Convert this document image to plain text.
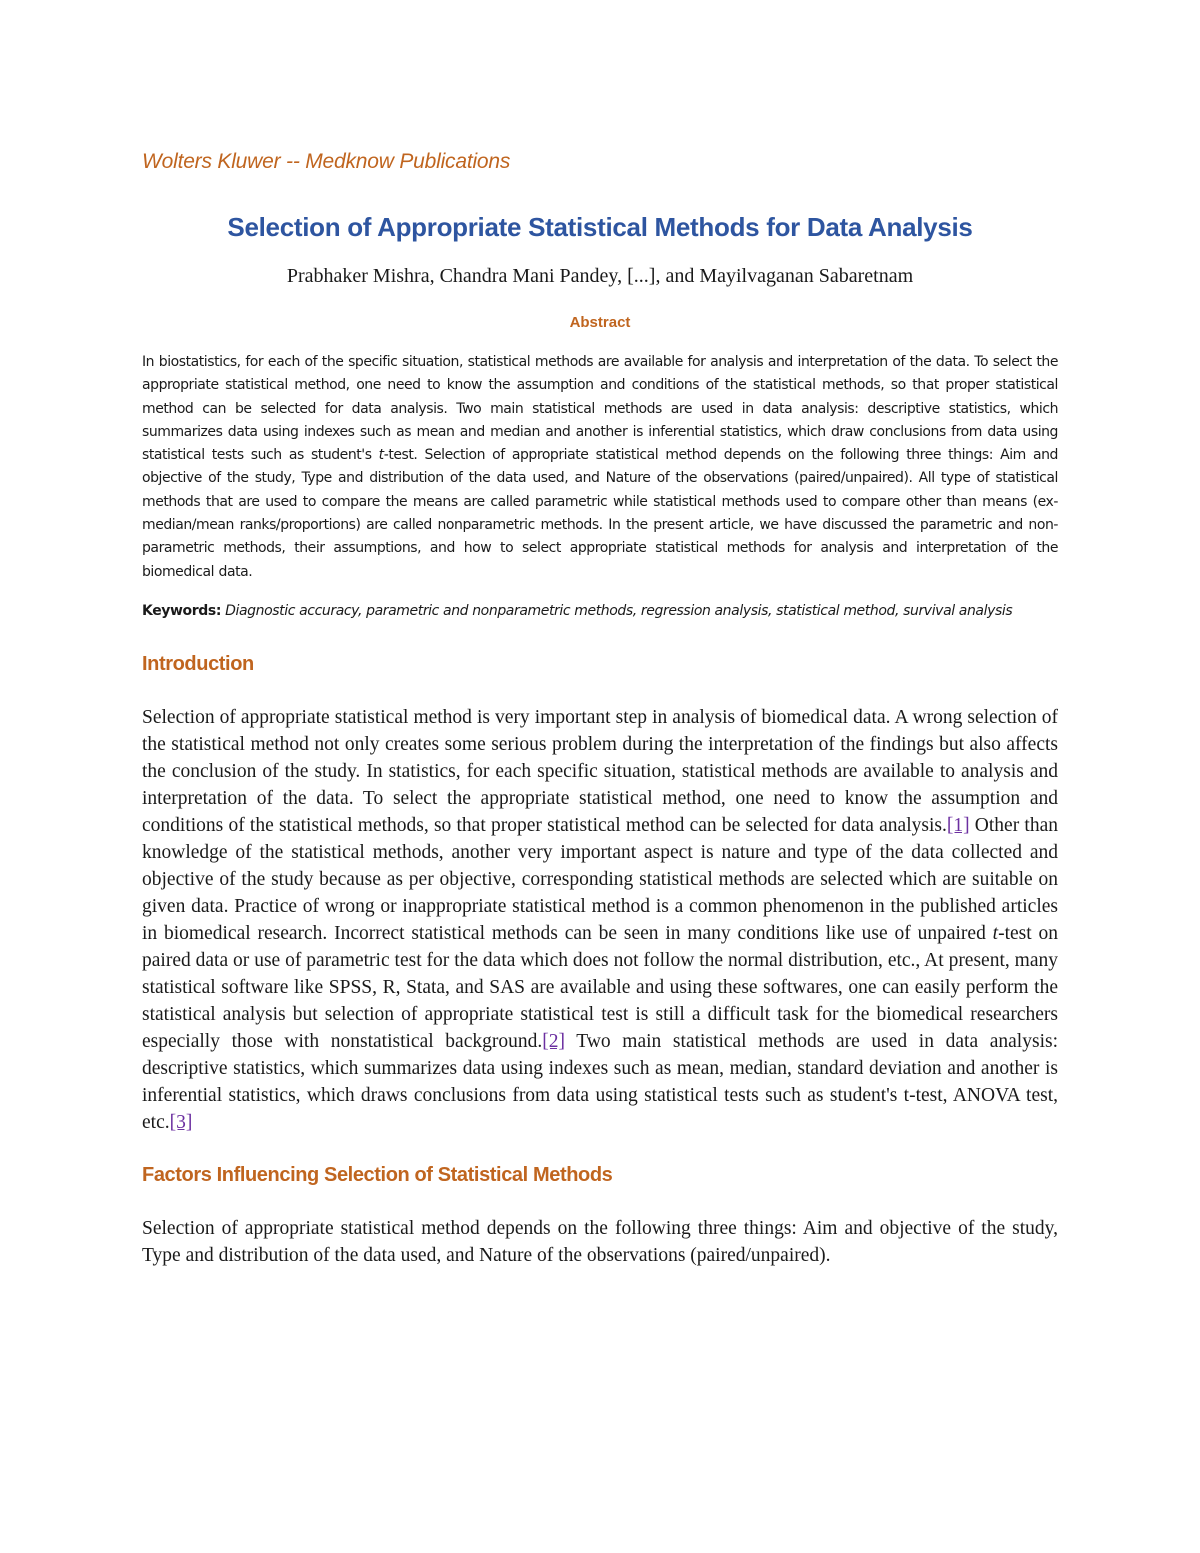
Wolters Kluwer -- Medknow Publications

Selection of Appropriate Statistical Methods for Data Analysis

Prabhaker Mishra, Chandra Mani Pandey, [...], and Mayilvaganan Sabaretnam

Abstract

In biostatistics, for each of the specific situation, statistical methods are available for analysis and interpretation of the data. To select the appropriate statistical method, one need to know the assumption and conditions of the statistical methods, so that proper statistical method can be selected for data analysis. Two main statistical methods are used in data analysis: descriptive statistics, which summarizes data using indexes such as mean and median and another is inferential statistics, which draw conclusions from data using statistical tests such as student's t-test. Selection of appropriate statistical method depends on the following three things: Aim and objective of the study, Type and distribution of the data used, and Nature of the observations (paired/unpaired). All type of statistical methods that are used to compare the means are called parametric while statistical methods used to compare other than means (ex-median/mean ranks/proportions) are called nonparametric methods. In the present article, we have discussed the parametric and non-parametric methods, their assumptions, and how to select appropriate statistical methods for analysis and interpretation of the biomedical data.

Keywords: Diagnostic accuracy, parametric and nonparametric methods, regression analysis, statistical method, survival analysis

Introduction

Selection of appropriate statistical method is very important step in analysis of biomedical data. A wrong selection of the statistical method not only creates some serious problem during the interpretation of the findings but also affects the conclusion of the study. In statistics, for each specific situation, statistical methods are available to analysis and interpretation of the data. To select the appropriate statistical method, one need to know the assumption and conditions of the statistical methods, so that proper statistical method can be selected for data analysis.[1] Other than knowledge of the statistical methods, another very important aspect is nature and type of the data collected and objective of the study because as per objective, corresponding statistical methods are selected which are suitable on given data. Practice of wrong or inappropriate statistical method is a common phenomenon in the published articles in biomedical research. Incorrect statistical methods can be seen in many conditions like use of unpaired t-test on paired data or use of parametric test for the data which does not follow the normal distribution, etc., At present, many statistical software like SPSS, R, Stata, and SAS are available and using these softwares, one can easily perform the statistical analysis but selection of appropriate statistical test is still a difficult task for the biomedical researchers especially those with nonstatistical background.[2] Two main statistical methods are used in data analysis: descriptive statistics, which summarizes data using indexes such as mean, median, standard deviation and another is inferential statistics, which draws conclusions from data using statistical tests such as student's t-test, ANOVA test, etc.[3]

Factors Influencing Selection of Statistical Methods

Selection of appropriate statistical method depends on the following three things: Aim and objective of the study, Type and distribution of the data used, and Nature of the observations (paired/unpaired).
